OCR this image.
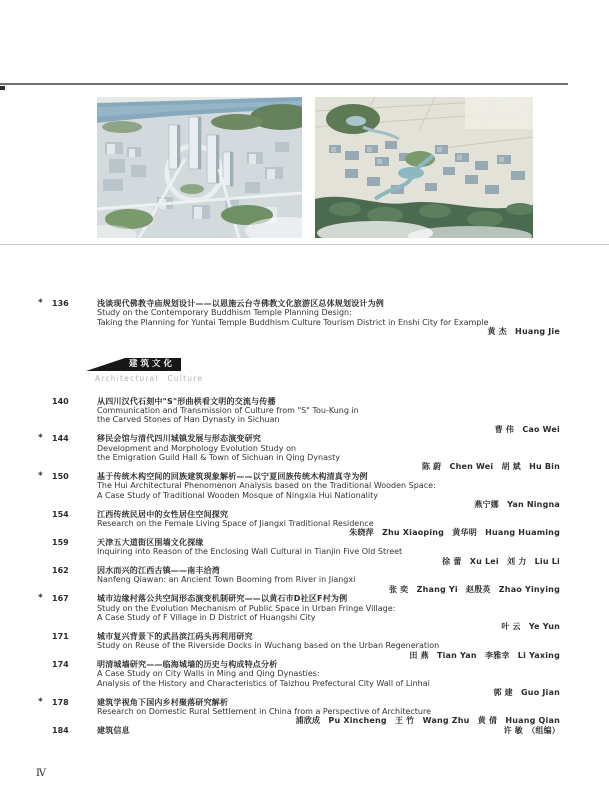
*	136	浅谈现代佛教寺庙规划设计——以恩施云台寺佛教文化旅游区总体规划设计为例
Study on the Contemporary Buddhism Temple Planning Design:
Taking the Planning for Yuntai Temple Buddhism Culture Tourism District in Enshi City for Example
黄 杰　Huang Jie
建筑文化
Architectural　Culture
140	从四川汉代石刻中"S"形曲栱看文明的交流与传播
Communication and Transmission of Culture from "S" Tou-Kung in
the Carved Stones of Han Dynasty in Sichuan
曹 伟　Cao Wei
*	144	移民会馆与清代四川城镇发展与形态演变研究
Development and Morphology Evolution Study on
the Emigration Guild Hall & Town of Sichuan in Qing Dynasty
陈 蔚　Chen Wei　胡 斌　Hu Bin
*	150	基于传统木构空间的回族建筑现象解析——以宁夏回族传统木构清真寺为例
The Hui Architectural Phenomenon Analysis based on the Traditional Wooden Space:
A Case Study of Traditional Wooden Mosque of Ningxia Hui Nationality
燕宁娜　Yan Ningna
154	江西传统民居中的女性居住空间探究
Research on the Female Living Space of Jiangxi Traditional Residence
朱晓萍　Zhu Xiaoping　黄华明　Huang Huaming
159	天津五大道街区围墙文化探缘
Inquiring into Reason of the Enclosing Wall Cultural in Tianjin Five Old Street
徐 蕾　Xu Lei　刘 力　Liu Li
162	因水而兴的江西古镇——南丰洽湾
Nanfeng Qiawan: an Ancient Town Booming from River in Jiangxi
张 奕　Zhang Yi　赵殷英　Zhao Yinying
*	167	城市边缘村落公共空间形态演变机制研究——以黄石市D社区F村为例
Study on the Evolution Mechanism of Public Space in Urban Fringe Village:
A Case Study of F Village in D District of Huangshi City
叶 云　Ye Yun
171	城市复兴背景下的武昌滨江码头再利用研究
Study on Reuse of the Riverside Docks in Wuchang based on the Urban Regeneration
田 燕　Tian Yan　李雅幸　Li Yaxing
174	明清城墙研究——临海城墙的历史与构成特点分析
A Case Study on City Walls in Ming and Qing Dynasties:
Analysis of the History and Characteristics of Taizhou Prefectural City Wall of Linhai
郭 建　Guo Jian
*	178	建筑学视角下国内乡村聚落研究解析
Research on Domestic Rural Settlement in China from a Perspective of Architecture
浦欣成　Pu Xincheng　王 竹　Wang Zhu　黄 倩　Huang Qian
184	建筑信息	许 敏　（组编）
Ⅳ
